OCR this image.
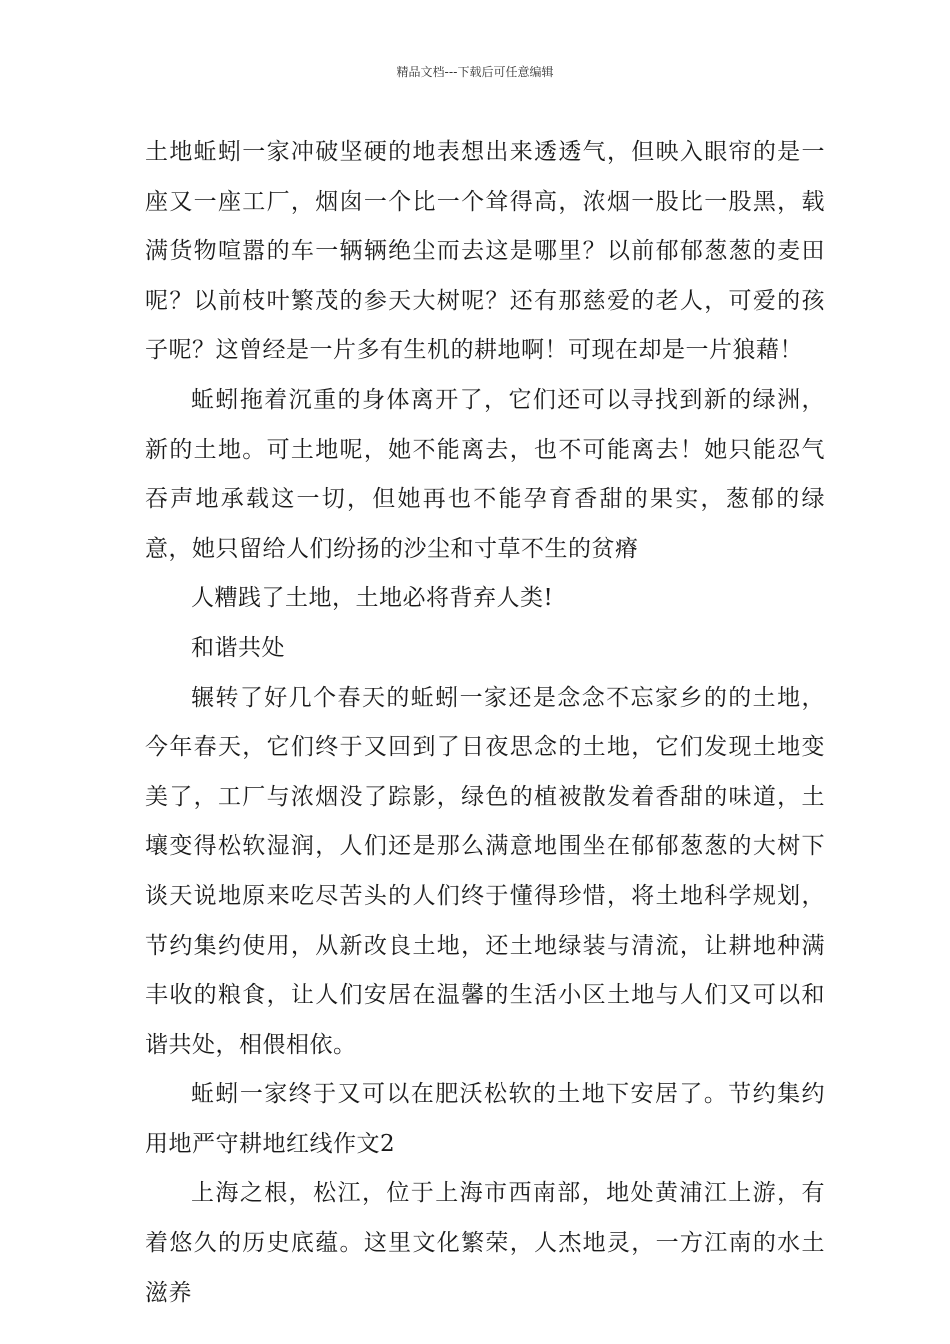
精品文档---下载后可任意编辑

土地蚯蚓一家冲破坚硬的地表想出来透透气，但映入眼帘的是一座又一座工厂，烟囱一个比一个耸得高，浓烟一股比一股黑，载满货物喧嚣的车一辆辆绝尘而去这是哪里？以前郁郁葱葱的麦田呢？以前枝叶繁茂的参天大树呢？还有那慈爱的老人，可爱的孩子呢？这曾经是一片多有生机的耕地啊！可现在却是一片狼藉！

蚯蚓拖着沉重的身体离开了，它们还可以寻找到新的绿洲，新的土地。可土地呢，她不能离去，也不可能离去！她只能忍气吞声地承载这一切，但她再也不能孕育香甜的果实，葱郁的绿意，她只留给人们纷扬的沙尘和寸草不生的贫瘠

人糟践了土地，土地必将背弃人类!

和谐共处

辗转了好几个春天的蚯蚓一家还是念念不忘家乡的的土地，今年春天，它们终于又回到了日夜思念的土地，它们发现土地变美了，工厂与浓烟没了踪影，绿色的植被散发着香甜的味道，土壤变得松软湿润，人们还是那么满意地围坐在郁郁葱葱的大树下谈天说地原来吃尽苦头的人们终于懂得珍惜，将土地科学规划，节约集约使用，从新改良土地，还土地绿装与清流，让耕地种满丰收的粮食，让人们安居在温馨的生活小区土地与人们又可以和谐共处，相偎相依。

蚯蚓一家终于又可以在肥沃松软的土地下安居了。节约集约用地严守耕地红线作文2

上海之根，松江，位于上海市西南部，地处黄浦江上游，有着悠久的历史底蕴。这里文化繁荣，人杰地灵，一方江南的水土滋养
